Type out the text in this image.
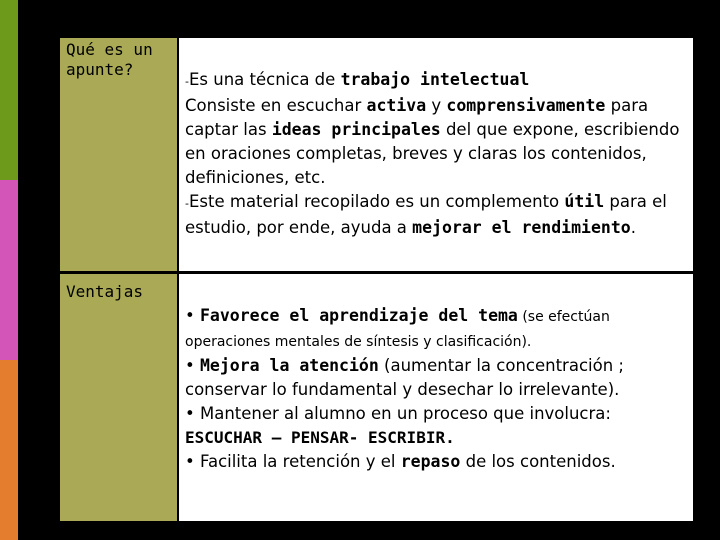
Qué es un apunte?

-Es una técnica de trabajo intelectual

Consiste en escuchar activa y comprensivamente para captar las ideas principales del que expone, escribiendo en oraciones completas, breves y claras los contenidos, definiciones, etc.

-Este material recopilado es un complemento útil para el estudio, por ende, ayuda a mejorar el rendimiento.

Ventajas

• Favorece el aprendizaje del tema (se efectúan operaciones mentales de síntesis y clasificación).

• Mejora la atención (aumentar la concentración ; conservar lo fundamental y desechar lo irrelevante).

• Mantener al alumno en un proceso que involucra: ESCUCHAR – PENSAR- ESCRIBIR.

• Facilita la retención y el repaso de los contenidos.
